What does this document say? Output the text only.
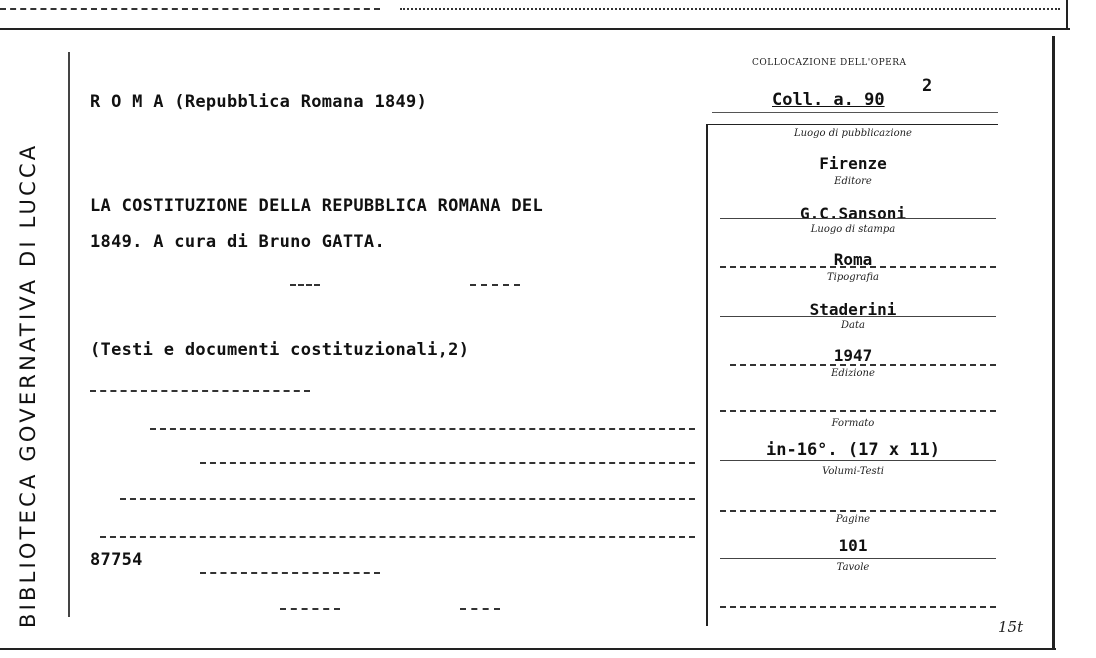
BIBLIOTECA GOVERNATIVA DI LUCCA
R O M A (Repubblica Romana 1849)
LA COSTITUZIONE DELLA REPUBBLICA ROMANA DEL
1849. A cura di Bruno GATTA.
(Testi e documenti costituzionali,2)
87754
COLLOCAZIONE DELL'OPERA
Coll. a. 90
2
Luogo di pubblicazione
Firenze
Editore
G.C.Sansoni
Luogo di stampa
Roma
Tipografia
Staderini
Data
1947
Edizione
Formato
in-16°. (17 x 11)
Volumi-Testi
Pagine
101
Tavole
15t
